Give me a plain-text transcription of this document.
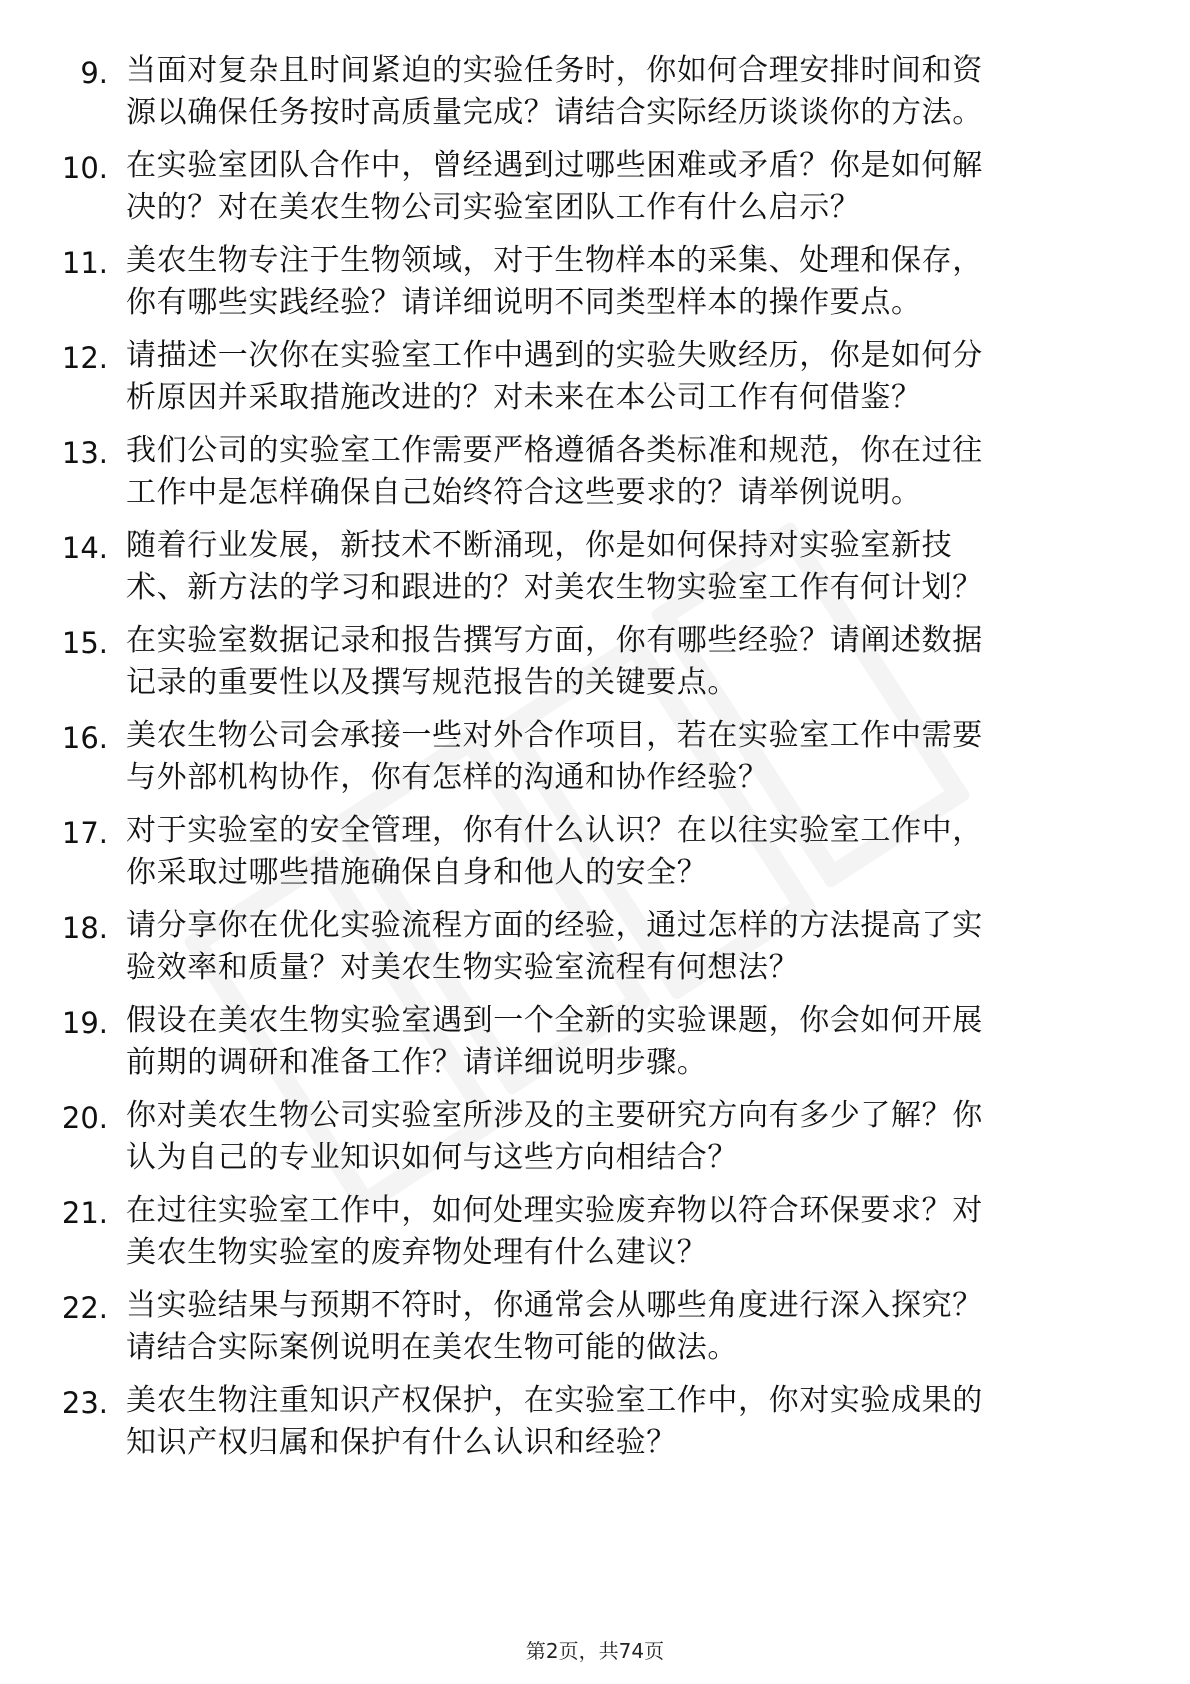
9. 当面对复杂且时间紧迫的实验任务时，你如何合理安排时间和资
源以确保任务按时高质量完成？请结合实际经历谈谈你的方法。
10. 在实验室团队合作中，曾经遇到过哪些困难或矛盾？你是如何解
决的？对在美农生物公司实验室团队工作有什么启示？
11. 美农生物专注于生物领域，对于生物样本的采集、处理和保存，
你有哪些实践经验？请详细说明不同类型样本的操作要点。
12. 请描述一次你在实验室工作中遇到的实验失败经历，你是如何分
析原因并采取措施改进的？对未来在本公司工作有何借鉴？
13. 我们公司的实验室工作需要严格遵循各类标准和规范，你在过往
工作中是怎样确保自己始终符合这些要求的？请举例说明。
14. 随着行业发展，新技术不断涌现，你是如何保持对实验室新技
术、新方法的学习和跟进的？对美农生物实验室工作有何计划？
15. 在实验室数据记录和报告撰写方面，你有哪些经验？请阐述数据
记录的重要性以及撰写规范报告的关键要点。
16. 美农生物公司会承接一些对外合作项目，若在实验室工作中需要
与外部机构协作，你有怎样的沟通和协作经验？
17. 对于实验室的安全管理，你有什么认识？在以往实验室工作中，
你采取过哪些措施确保自身和他人的安全？
18. 请分享你在优化实验流程方面的经验，通过怎样的方法提高了实
验效率和质量？对美农生物实验室流程有何想法？
19. 假设在美农生物实验室遇到一个全新的实验课题，你会如何开展
前期的调研和准备工作？请详细说明步骤。
20. 你对美农生物公司实验室所涉及的主要研究方向有多少了解？你
认为自己的专业知识如何与这些方向相结合？
21. 在过往实验室工作中，如何处理实验废弃物以符合环保要求？对
美农生物实验室的废弃物处理有什么建议？
22. 当实验结果与预期不符时，你通常会从哪些角度进行深入探究？
请结合实际案例说明在美农生物可能的做法。
23. 美农生物注重知识产权保护，在实验室工作中，你对实验成果的
知识产权归属和保护有什么认识和经验？
第2页，共74页
